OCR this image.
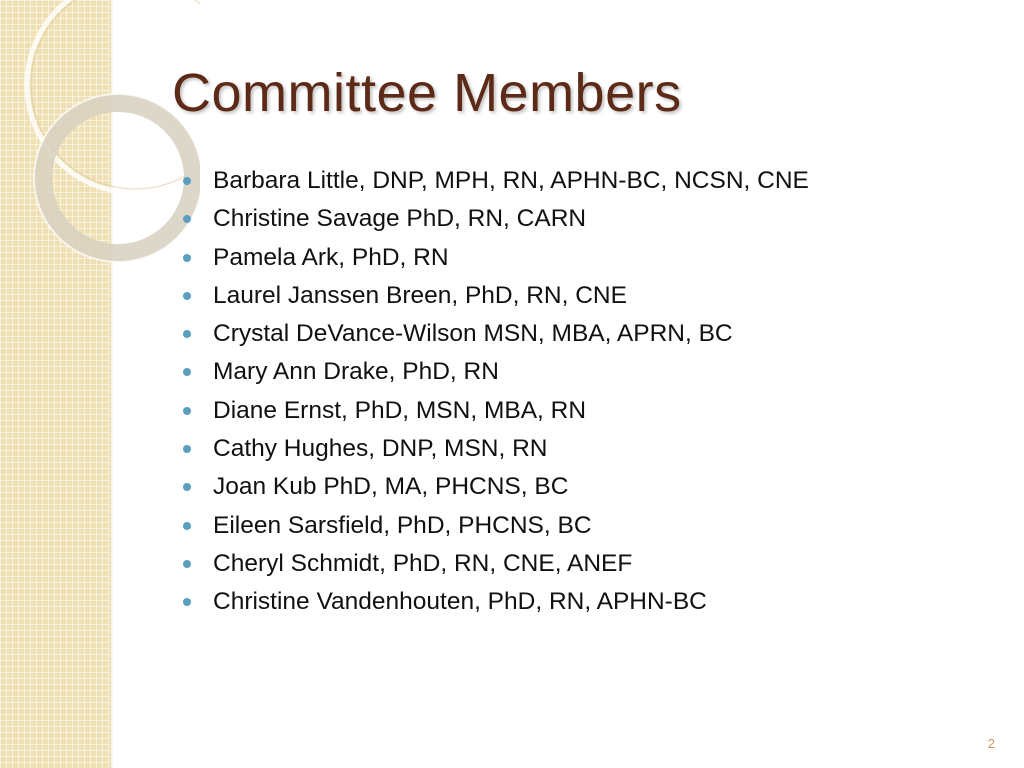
Committee Members
Barbara Little, DNP, MPH, RN, APHN-BC, NCSN, CNE
Christine Savage PhD, RN, CARN
Pamela Ark, PhD, RN
Laurel Janssen Breen, PhD, RN, CNE
Crystal DeVance-Wilson MSN, MBA, APRN, BC
Mary Ann Drake, PhD, RN
Diane Ernst, PhD, MSN, MBA, RN
Cathy Hughes, DNP, MSN, RN
Joan Kub PhD, MA, PHCNS, BC
Eileen Sarsfield, PhD, PHCNS, BC
Cheryl Schmidt, PhD, RN, CNE, ANEF
Christine Vandenhouten, PhD, RN, APHN-BC
2
